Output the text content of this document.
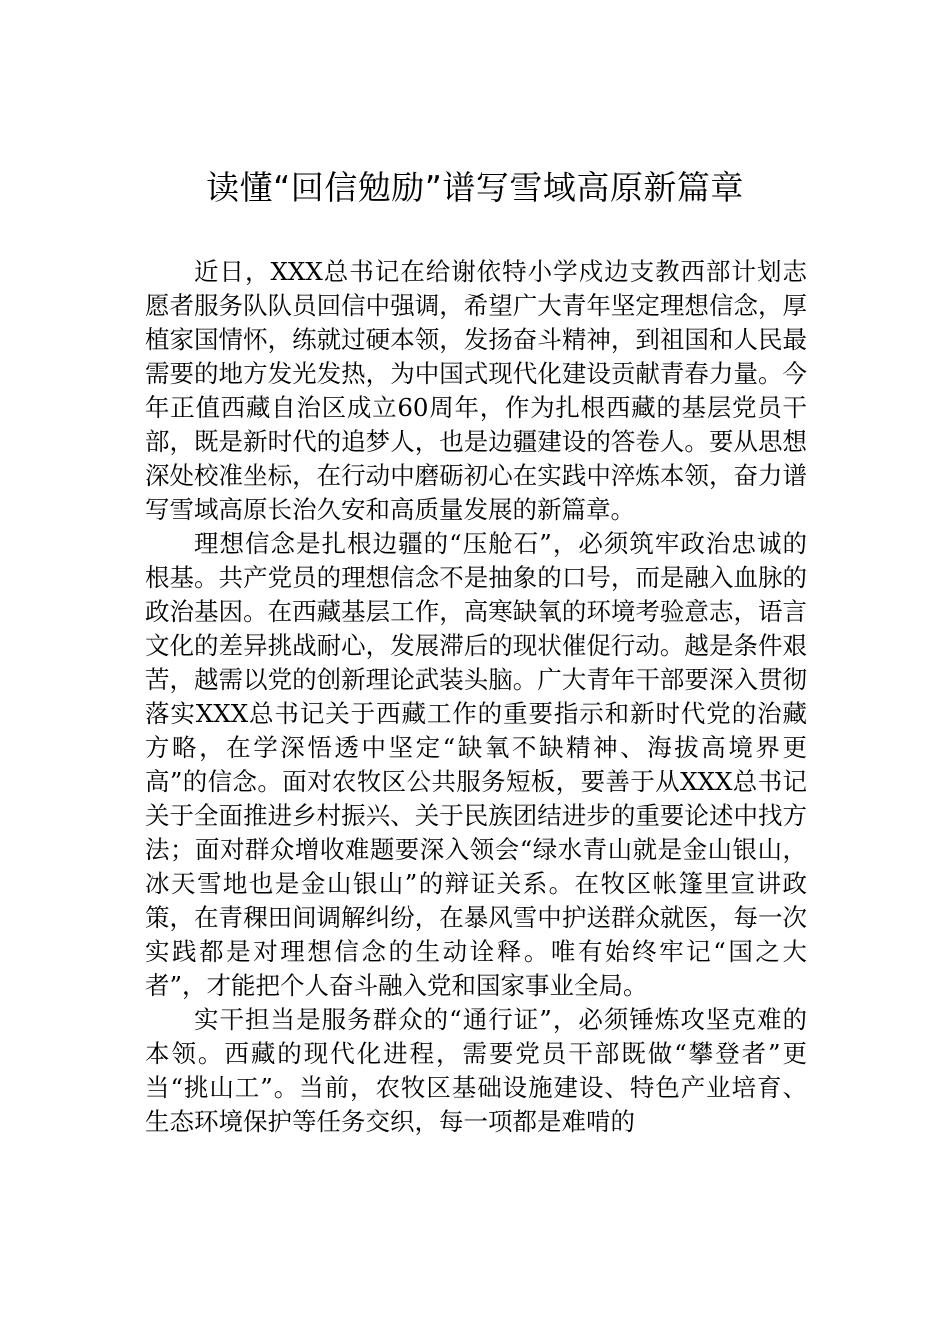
读懂“回信勉励”谱写雪域高原新篇章

近日，XXX总书记在给谢依特小学戍边支教西部计划志愿者服务队队员回信中强调，希望广大青年坚定理想信念，厚植家国情怀，练就过硬本领，发扬奋斗精神，到祖国和人民最需要的地方发光发热，为中国式现代化建设贡献青春力量。今年正值西藏自治区成立60周年，作为扎根西藏的基层党员干部，既是新时代的追梦人，也是边疆建设的答卷人。要从思想深处校准坐标，在行动中磨砺初心在实践中淬炼本领，奋力谱写雪域高原长治久安和高质量发展的新篇章。

理想信念是扎根边疆的“压舱石”，必须筑牢政治忠诚的根基。共产党员的理想信念不是抽象的口号，而是融入血脉的政治基因。在西藏基层工作，高寒缺氧的环境考验意志，语言文化的差异挑战耐心，发展滞后的现状催促行动。越是条件艰苦，越需以党的创新理论武装头脑。广大青年干部要深入贯彻落实XXX总书记关于西藏工作的重要指示和新时代党的治藏方略，在学深悟透中坚定“缺氧不缺精神、海拔高境界更高”的信念。面对农牧区公共服务短板，要善于从XXX总书记关于全面推进乡村振兴、关于民族团结进步的重要论述中找方法；面对群众增收难题要深入领会“绿水青山就是金山银山，冰天雪地也是金山银山”的辩证关系。在牧区帐篷里宣讲政策，在青稞田间调解纠纷，在暴风雪中护送群众就医，每一次实践都是对理想信念的生动诠释。唯有始终牢记“国之大者”，才能把个人奋斗融入党和国家事业全局。

实干担当是服务群众的“通行证”，必须锤炼攻坚克难的本领。西藏的现代化进程，需要党员干部既做“攀登者”更当“挑山工”。当前，农牧区基础设施建设、特色产业培育、生态环境保护等任务交织，每一项都是难啃的
